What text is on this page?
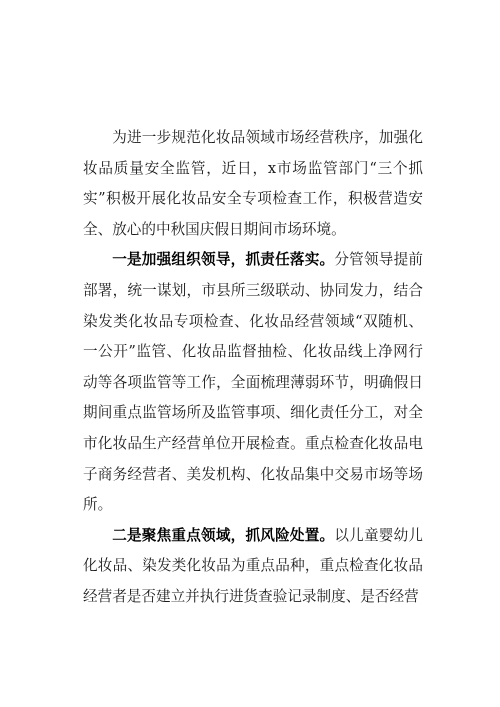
为进一步规范化妆品领域市场经营秩序，加强化妆品质量安全监管，近日，x市场监管部门“三个抓实”积极开展化妆品安全专项检查工作，积极营造安全、放心的中秋国庆假日期间市场环境。

一是加强组织领导，抓责任落实。分管领导提前部署，统一谋划，市县所三级联动、协同发力，结合染发类化妆品专项检查、化妆品经营领域“双随机、一公开”监管、化妆品监督抽检、化妆品线上净网行动等各项监管等工作，全面梳理薄弱环节，明确假日期间重点监管场所及监管事项、细化责任分工，对全市化妆品生产经营单位开展检查。重点检查化妆品电子商务经营者、美发机构、化妆品集中交易市场等场所。

二是聚焦重点领域，抓风险处置。以儿童婴幼儿化妆品、染发类化妆品为重点品种，重点检查化妆品经营者是否建立并执行进货查验记录制度、是否经营
